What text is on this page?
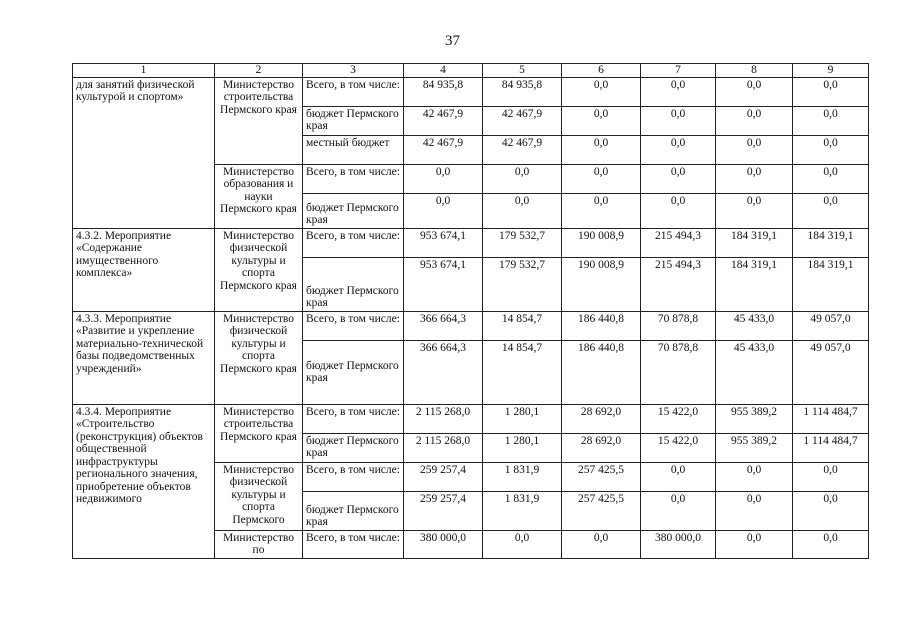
37
1	2	3	4	5	6	7	8	9
для занятий физической культурой и спортом»	Министерство строительства Пермского края	Всего, в том числе:	84 935,8	84 935,8	0,0	0,0	0,0	0,0
		бюджет Пермского края	42 467,9	42 467,9	0,0	0,0	0,0	0,0
		местный бюджет	42 467,9	42 467,9	0,0	0,0	0,0	0,0
	Министерство образования и науки Пермского края	Всего, в том числе:	0,0	0,0	0,0	0,0	0,0	0,0
		бюджет Пермского края	0,0	0,0	0,0	0,0	0,0	0,0
4.3.2. Мероприятие «Содержание имущественного комплекса»	Министерство физической культуры и спорта Пермского края	Всего, в том числе:	953 674,1	179 532,7	190 008,9	215 494,3	184 319,1	184 319,1
		бюджет Пермского края	953 674,1	179 532,7	190 008,9	215 494,3	184 319,1	184 319,1
4.3.3. Мероприятие «Развитие и укрепление материально-технической базы подведомственных учреждений»	Министерство физической культуры и спорта Пермского края	Всего, в том числе:	366 664,3	14 854,7	186 440,8	70 878,8	45 433,0	49 057,0
		бюджет Пермского края	366 664,3	14 854,7	186 440,8	70 878,8	45 433,0	49 057,0
4.3.4. Мероприятие «Строительство (реконструкция) объектов общественной инфраструктуры регионального значения, приобретение объектов недвижимого	Министерство строительства Пермского края	Всего, в том числе:	2 115 268,0	1 280,1	28 692,0	15 422,0	955 389,2	1 114 484,7
		бюджет Пермского края	2 115 268,0	1 280,1	28 692,0	15 422,0	955 389,2	1 114 484,7
	Министерство физической культуры и спорта Пермского	Всего, в том числе:	259 257,4	1 831,9	257 425,5	0,0	0,0	0,0
		бюджет Пермского края	259 257,4	1 831,9	257 425,5	0,0	0,0	0,0
	Министерство по	Всего, в том числе:	380 000,0	0,0	0,0	380 000,0	0,0	0,0
